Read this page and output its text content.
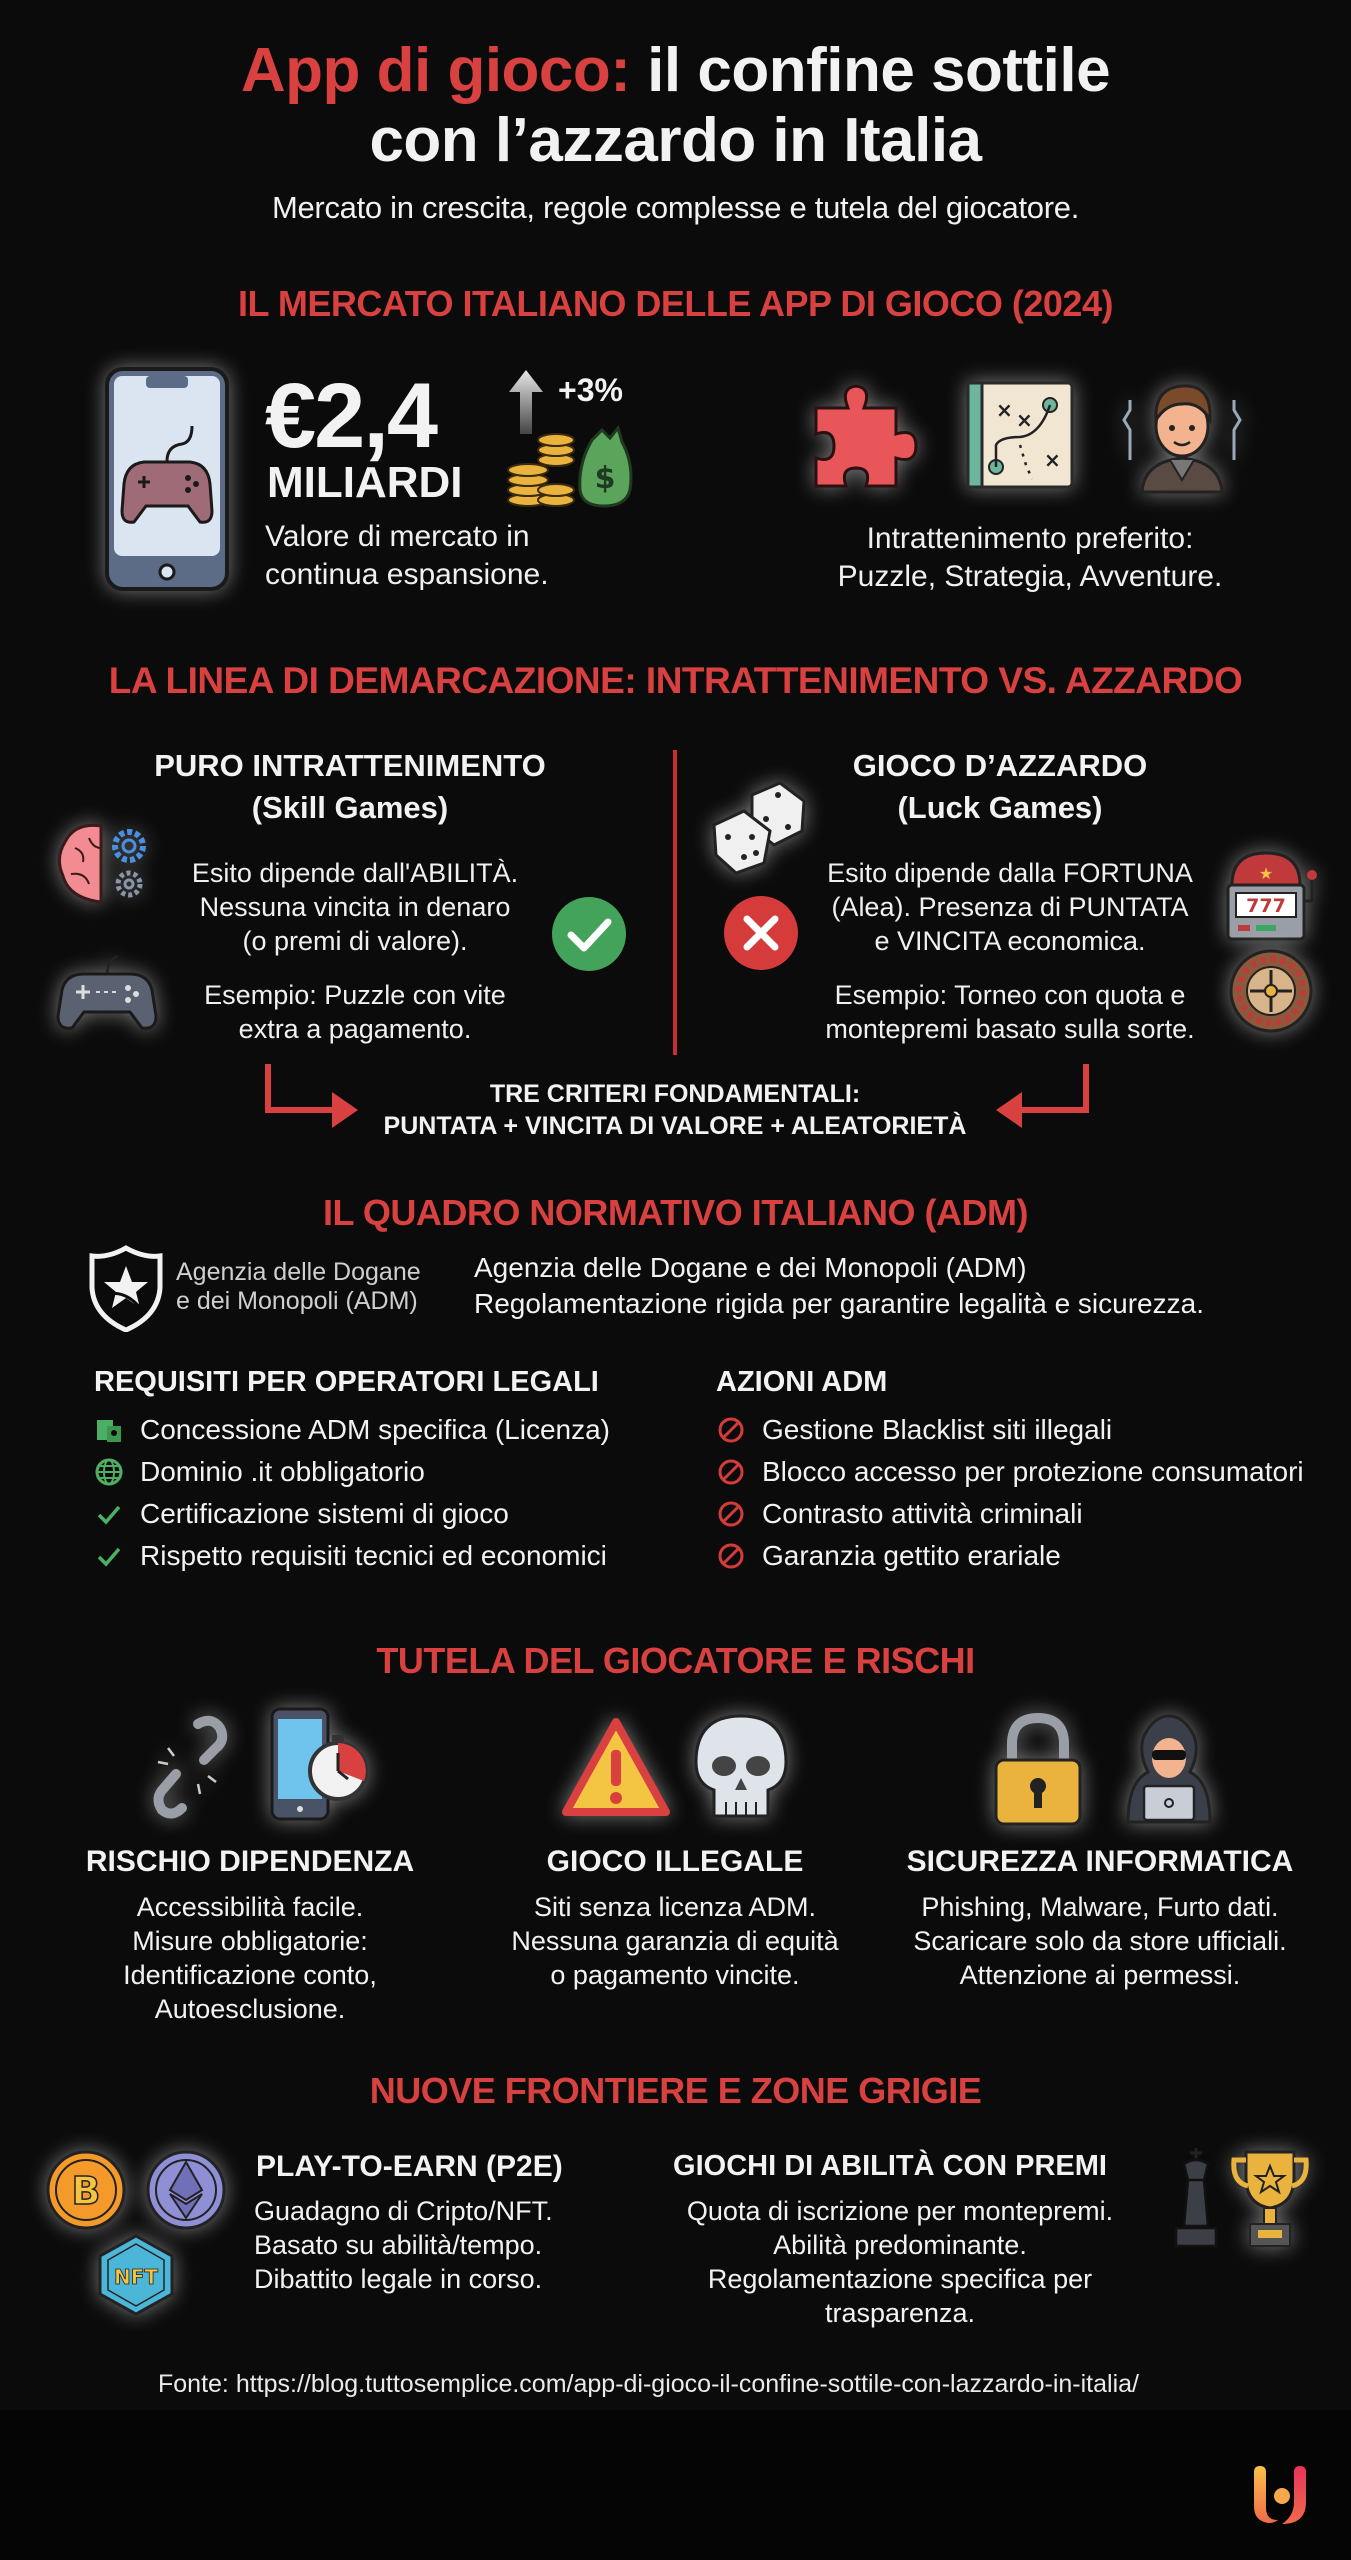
App di gioco: il confine sottile
con l’azzardo in Italia
Mercato in crescita, regole complesse e tutela del giocatore.
IL MERCATO ITALIANO DELLE APP DI GIOCO (2024)
€2,4
MILIARDI
+3%
$
Valore di mercato in
continua espansione.
× ×
×
Intrattenimento preferito:
Puzzle, Strategia, Avventure.
LA LINEA DI DEMARCAZIONE: INTRATTENIMENTO VS. AZZARDO
PURO INTRATTENIMENTO
(Skill Games)
Esito dipende dall'ABILITÀ.
Nessuna vincita in denaro
(o premi di valore).
Esempio: Puzzle con vite
extra a pagamento.
GIOCO D’AZZARDO
(Luck Games)
★
777
Esito dipende dalla FORTUNA
(Alea). Presenza di PUNTATA
e VINCITA economica.
Esempio: Torneo con quota e
montepremi basato sulla sorte.
TRE CRITERI FONDAMENTALI:
PUNTATA + VINCITA DI VALORE + ALEATORIETÀ
IL QUADRO NORMATIVO ITALIANO (ADM)
Agenzia delle Dogane
e dei Monopoli (ADM)
Agenzia delle Dogane e dei Monopoli (ADM)
Regolamentazione rigida per garantire legalità e sicurezza.
REQUISITI PER OPERATORI LEGALI
Concessione ADM specifica (Licenza)
Dominio .it obbligatorio
Certificazione sistemi di gioco
Rispetto requisiti tecnici ed economici
AZIONI ADM
Gestione Blacklist siti illegali
Blocco accesso per protezione consumatori
Contrasto attività criminali
Garanzia gettito erariale
TUTELA DEL GIOCATORE E RISCHI
RISCHIO DIPENDENZA
Accessibilità facile.
Misure obbligatorie:
Identificazione conto,
Autoesclusione.
GIOCO ILLEGALE
Siti senza licenza ADM.
Nessuna garanzia di equità
o pagamento vincite.
SICUREZZA INFORMATICA
Phishing, Malware, Furto dati.
Scaricare solo da store ufficiali.
Attenzione ai permessi.
NUOVE FRONTIERE E ZONE GRIGIE
B
NFT
PLAY-TO-EARN (P2E)
Guadagno di Cripto/NFT.
Basato su abilità/tempo.
Dibattito legale in corso.
GIOCHI DI ABILITÀ CON PREMI
Quota di iscrizione per montepremi.
Abilità predominante.
Regolamentazione specifica per trasparenza.
Fonte: https://blog.tuttosemplice.com/app-di-gioco-il-confine-sottile-con-lazzardo-in-italia/
